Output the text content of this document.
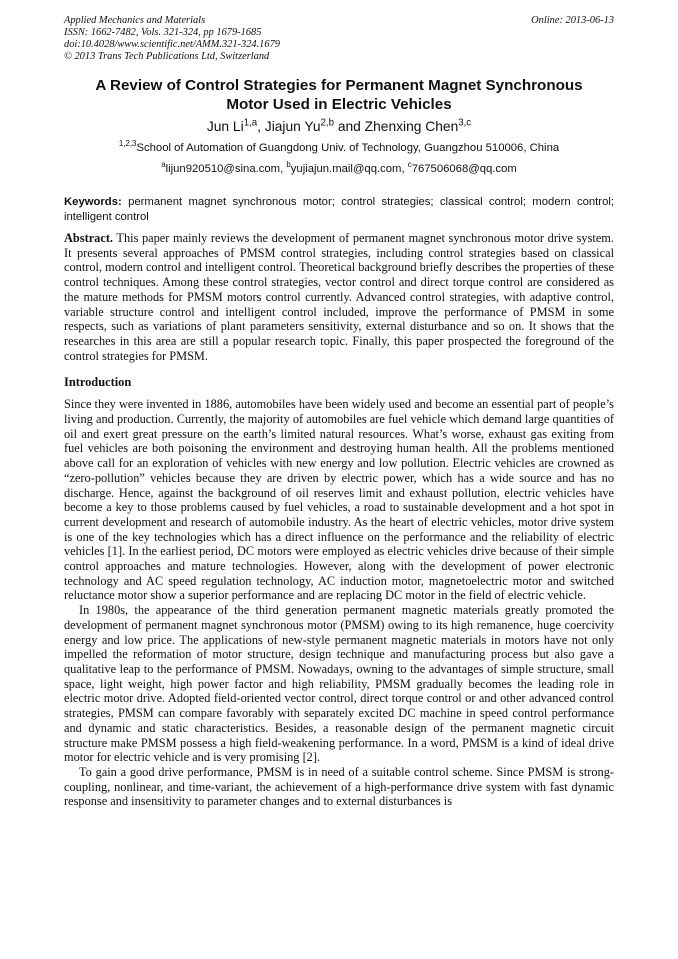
Applied Mechanics and Materials
ISSN: 1662-7482, Vols. 321-324, pp 1679-1685
doi:10.4028/www.scientific.net/AMM.321-324.1679
© 2013 Trans Tech Publications Ltd, Switzerland
Online: 2013-06-13
A Review of Control Strategies for Permanent Magnet Synchronous
Motor Used in Electric Vehicles
Jun Li$^{1,a}$, Jiajun Yu$^{2,b}$ and Zhenxing Chen$^{3,c}$
$^{1,2,3}$School of Automation of Guangdong Univ. of Technology, Guangzhou 510006, China
$^a$lijun920510@sina.com, $^b$yujiajun.mail@qq.com, $^c$767506068@qq.com
Keywords: permanent magnet synchronous motor; control strategies; classical control; modern control; intelligent control
Abstract. This paper mainly reviews the development of permanent magnet synchronous motor drive system. It presents several approaches of PMSM control strategies, including control strategies based on classical control, modern control and intelligent control. Theoretical background briefly describes the properties of these control techniques. Among these control strategies, vector control and direct torque control are considered as the mature methods for PMSM motors control currently. Advanced control strategies, with adaptive control, variable structure control and intelligent control included, improve the performance of PMSM in some respects, such as variations of plant parameters sensitivity, external disturbance and so on. It shows that the researches in this area are still a popular research topic. Finally, this paper prospected the foreground of the control strategies for PMSM.
Introduction

Since they were invented in 1886, automobiles have been widely used and become an essential part of people’s living and production. Currently, the majority of automobiles are fuel vehicle which demand large quantities of oil and exert great pressure on the earth’s limited natural resources. What’s worse, exhaust gas exiting from fuel vehicles are both poisoning the environment and destroying human health. All the problems mentioned above call for an exploration of vehicles with new energy and low pollution. Electric vehicles are crowned as “zero-pollution” vehicles because they are driven by electric power, which has a wide source and has no discharge. Hence, against the background of oil reserves limit and exhaust pollution, electric vehicles have become a key to those problems caused by fuel vehicles, a road to sustainable development and a hot spot in current development and research of automobile industry. As the heart of electric vehicles, motor drive system is one of the key technologies which has a direct influence on the performance and the reliability of electric vehicles [1]. In the earliest period, DC motors were employed as electric vehicles drive because of their simple control approaches and mature technologies. However, along with the development of power electronic technology and AC speed regulation technology, AC induction motor, magnetoelectric motor and switched reluctance motor show a superior performance and are replacing DC motor in the field of electric vehicle.

In 1980s, the appearance of the third generation permanent magnetic materials greatly promoted the development of permanent magnet synchronous motor (PMSM) owing to its high remanence, huge coercivity energy and low price. The applications of new-style permanent magnetic materials in motors have not only impelled the reformation of motor structure, design technique and manufacturing process but also gave a qualitative leap to the performance of PMSM. Nowadays, owning to the advantages of simple structure, small space, light weight, high power factor and high reliability, PMSM gradually becomes the leading role in electric motor drive. Adopted field-oriented vector control, direct torque control or and other advanced control strategies, PMSM can compare favorably with separately excited DC machine in speed control performance and dynamic and static characteristics. Besides, a reasonable design of the permanent magnetic circuit structure make PMSM possess a high field-weakening performance. In a word, PMSM is a kind of ideal drive motor for electric vehicle and is very promising [2].

To gain a good drive performance, PMSM is in need of a suitable control scheme. Since PMSM is strong-coupling, nonlinear, and time-variant, the achievement of a high-performance drive system with fast dynamic response and insensitivity to parameter changes and to external disturbances is
